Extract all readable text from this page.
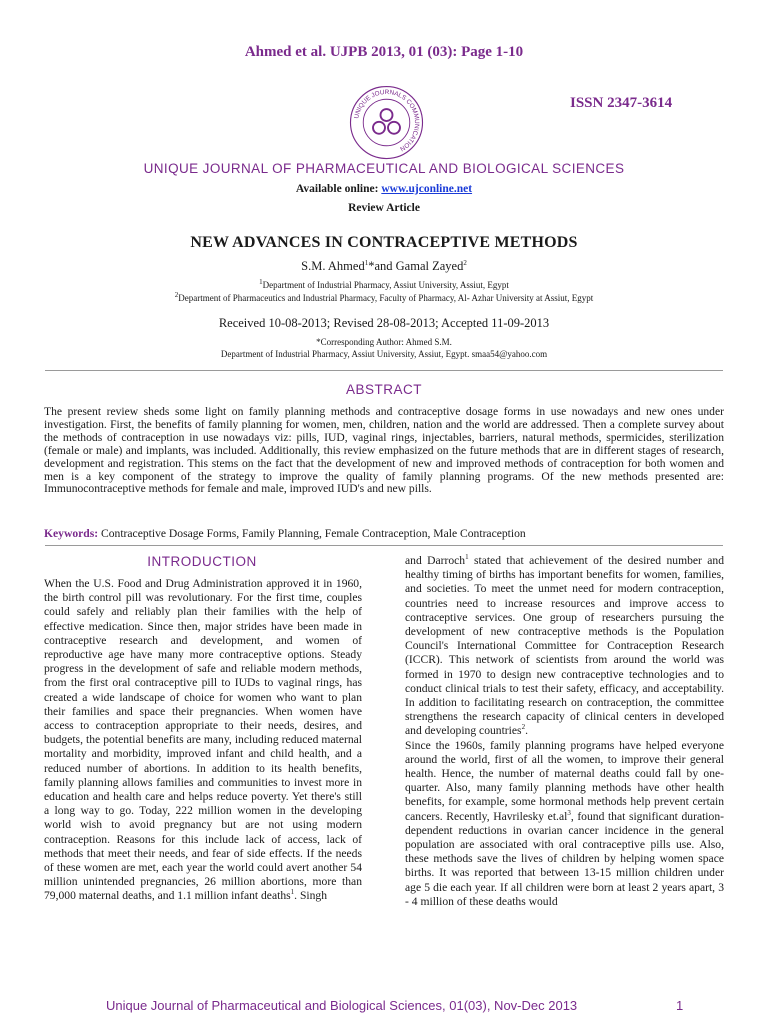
Ahmed et al. UJPB 2013, 01 (03): Page 1-10
UNIQUE JOURNALS COMMUNICATION
ISSN 2347-3614
UNIQUE JOURNAL OF PHARMACEUTICAL AND BIOLOGICAL SCIENCES
Available online: www.ujconline.net
Review Article
NEW ADVANCES IN CONTRACEPTIVE METHODS
S.M. Ahmed$^1$*and Gamal Zayed$^2$
$^1$Department of Industrial Pharmacy, Assiut University, Assiut, Egypt
$^2$Department of Pharmaceutics and Industrial Pharmacy, Faculty of Pharmacy, Al- Azhar University at Assiut, Egypt
Received 10-08-2013; Revised 28-08-2013; Accepted 11-09-2013
*Corresponding Author: Ahmed S.M.
Department of Industrial Pharmacy, Assiut University, Assiut, Egypt. smaa54@yahoo.com
ABSTRACT
The present review sheds some light on family planning methods and contraceptive dosage forms in use nowadays and new ones under investigation. First, the benefits of family planning for women, men, children, nation and the world are addressed. Then a complete survey about the methods of contraception in use nowadays viz: pills, IUD, vaginal rings, injectables, barriers, natural methods, spermicides, sterilization (female or male) and implants, was included. Additionally, this review emphasized on the future methods that are in different stages of research, development and registration. This stems on the fact that the development of new and improved methods of contraception for both women and men is a key component of the strategy to improve the quality of family planning programs. Of the new methods presented are: Immunocontraceptive methods for female and male, improved IUD's and new pills.
Keywords: Contraceptive Dosage Forms, Family Planning, Female Contraception, Male Contraception
INTRODUCTION
When the U.S. Food and Drug Administration approved it in 1960, the birth control pill was revolutionary. For the first time, couples could safely and reliably plan their families with the help of effective medication. Since then, major strides have been made in contraceptive research and development, and women of reproductive age have many more contraceptive options. Steady progress in the development of safe and reliable modern methods, from the first oral contraceptive pill to IUDs to vaginal rings, has created a wide landscape of choice for women who want to plan their families and space their pregnancies. When women have access to contraception appropriate to their needs, desires, and budgets, the potential benefits are many, including reduced maternal mortality and morbidity, improved infant and child health, and a reduced number of abortions. In addition to its health benefits, family planning allows families and communities to invest more in education and health care and helps reduce poverty. Yet there's still a long way to go. Today, 222 million women in the developing world wish to avoid pregnancy but are not using modern contraception. Reasons for this include lack of access, lack of methods that meet their needs, and fear of side effects. If the needs of these women are met, each year the world could avert another 54 million unintended pregnancies, 26 million abortions, more than 79,000 maternal deaths, and 1.1 million infant deaths$^1$. Singh
and Darroch$^1$ stated that achievement of the desired number and healthy timing of births has important benefits for women, families, and societies. To meet the unmet need for modern contraception, countries need to increase resources and improve access to contraceptive services. One group of researchers pursuing the development of new contraceptive methods is the Population Council's International Committee for Contraception Research (ICCR). This network of scientists from around the world was formed in 1970 to design new contraceptive technologies and to conduct clinical trials to test their safety, efficacy, and acceptability. In addition to facilitating research on contraception, the committee strengthens the research capacity of clinical centers in developed and developing countries$^2$.
Since the 1960s, family planning programs have helped everyone around the world, first of all the women, to improve their general health. Hence, the number of maternal deaths could fall by one-quarter. Also, many family planning methods have other health benefits, for example, some hormonal methods help prevent certain cancers. Recently, Havrilesky $et.al^3$, found that significant duration-dependent reductions in ovarian cancer incidence in the general population are associated with oral contraceptive pills use. Also, these methods save the lives of children by helping women space births. It was reported that between 13-15 million children under age 5 die each year. If all children were born at least 2 years apart, 3 - 4 million of these deaths would
Unique Journal of Pharmaceutical and Biological Sciences, 01(03), Nov-Dec 2013	1
